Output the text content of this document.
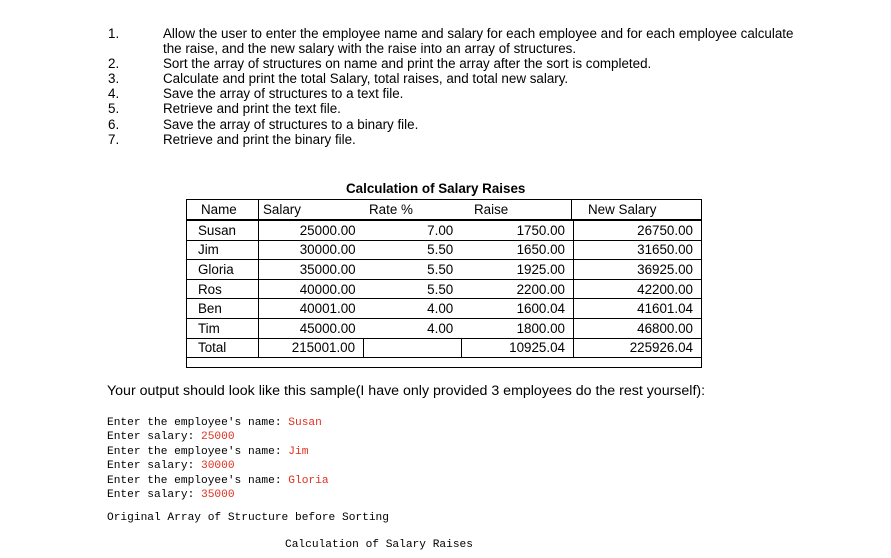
1.	Allow the user to enter the employee name and salary for each employee and for each employee calculate the raise, and the new salary with the raise into an array of structures.
2.	Sort the array of structures on name and print the array after the sort is completed.
3.	Calculate and print the total Salary, total raises, and total new salary.
4.	Save the array of structures to a text file.
5.	Retrieve and print the text file.
6.	Save the array of structures to a binary file.
7.	Retrieve and print the binary file.
Calculation of Salary Raises
Name Salary	Rate %	Raise	New Salary
Susan	25000.00	7.00	1750.00	26750.00
Jim	30000.00	5.50	1650.00	31650.00
Gloria	35000.00	5.50	1925.00	36925.00
Ros	40000.00	5.50	2200.00	42200.00
Ben	40001.00	4.00	1600.04	41601.04
Tim	45000.00	4.00	1800.00	46800.00
Total	215001.00		10925.04	225926.04
Your output should look like this sample(I have only provided 3 employees do the rest yourself):
Enter the employee's name: Susan
Enter salary: 25000
Enter the employee's name: Jim
Enter salary: 30000
Enter the employee's name: Gloria
Enter salary: 35000
Original Array of Structure before Sorting
Calculation of Salary Raises
